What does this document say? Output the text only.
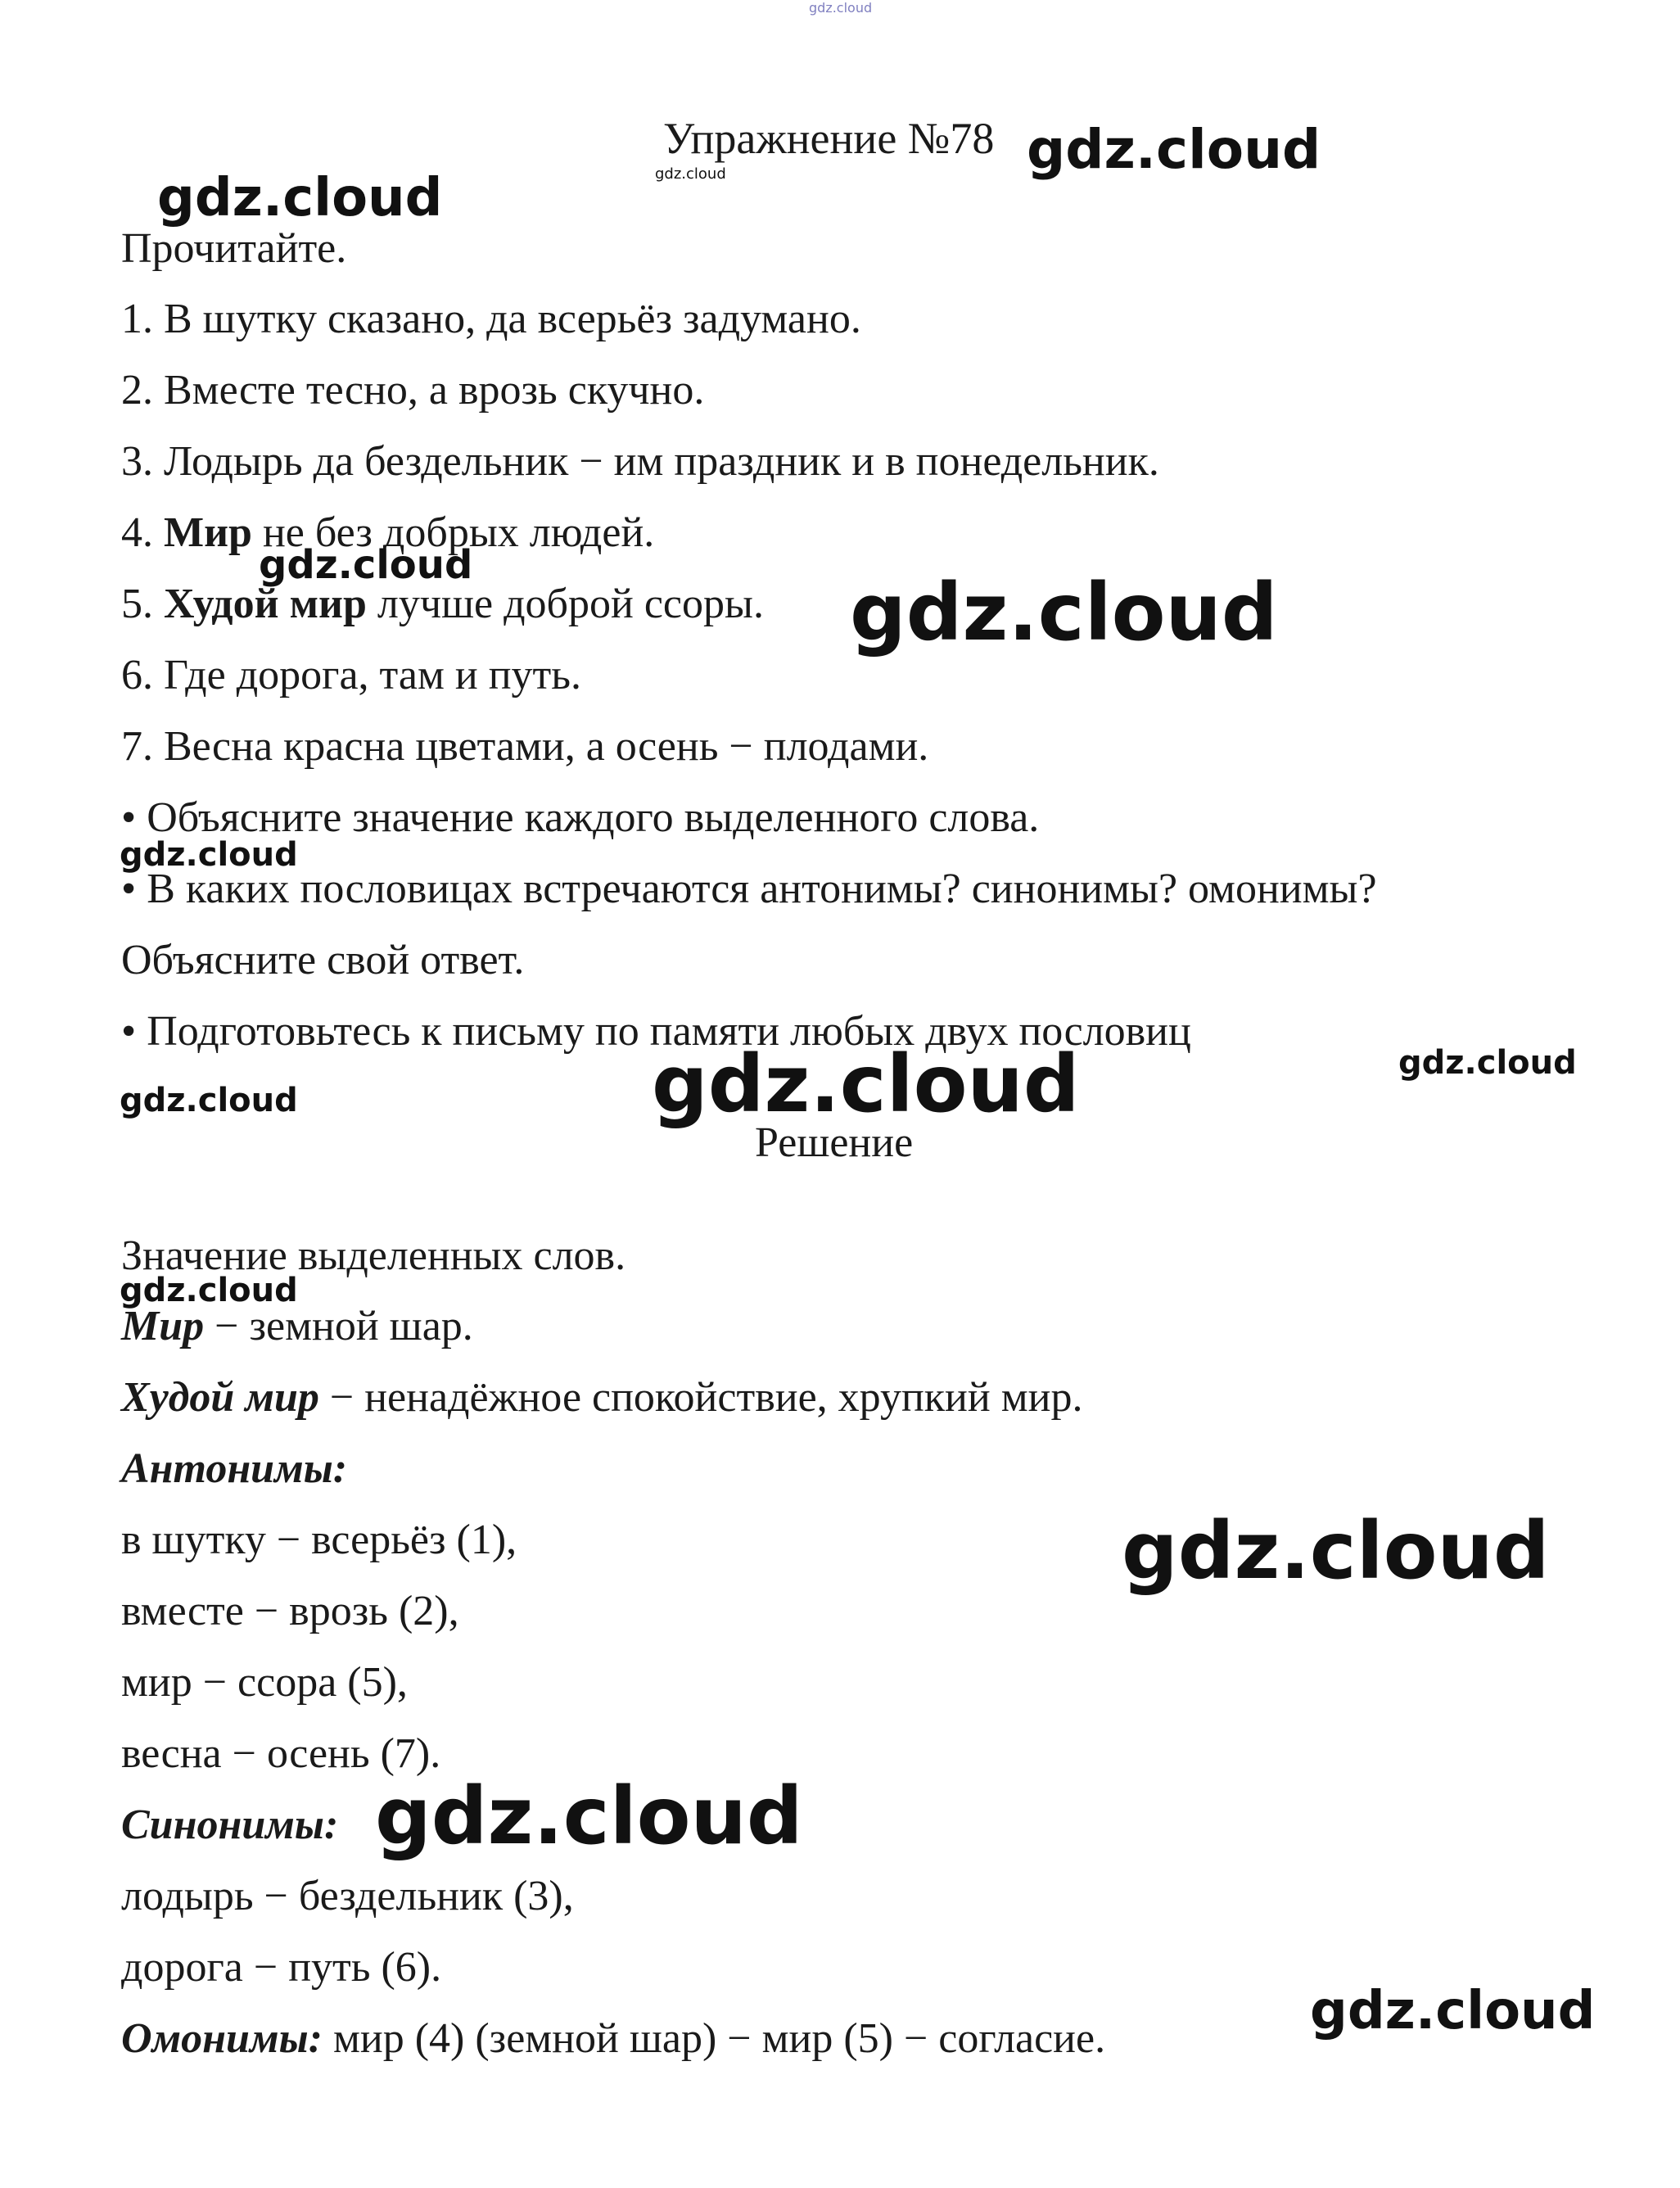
gdz.cloud
Упражнение №78 gdz.cloud
gdz.cloud
gdz.cloud
Прочитайте.
1. В шутку сказано, да всерьёз задумано.
2. Вместе тесно, а врозь скучно.
3. Лодырь да бездельник − им праздник и в понедельник.
4. Мир не без добрых людей.
gdz.cloud
5. Худой мир лучше доброй ссоры. gdz.cloud
6. Где дорога, там и путь.
7. Весна красна цветами, а осень − плодами.
• Объясните значение каждого выделенного слова.
gdz.cloud
• В каких пословицах встречаются антонимы? синонимы? омонимы?
Объясните свой ответ.
• Подготовьтесь к письму по памяти любых двух пословиц
gdz.cloud
gdz.cloud
gdz.cloud
Решение
Значение выделенных слов.
gdz.cloud
Мир − земной шар.
Худой мир − ненадёжное спокойствие, хрупкий мир.
Антонимы:
в шутку − всерьёз (1),	gdz.cloud
вместе − врозь (2),
мир − ссора (5),
весна − осень (7).
Синонимы: gdz.cloud
лодырь − бездельник (3),
дорога − путь (6).
gdz.cloud
Омонимы: мир (4) (земной шар) − мир (5) − согласие.
